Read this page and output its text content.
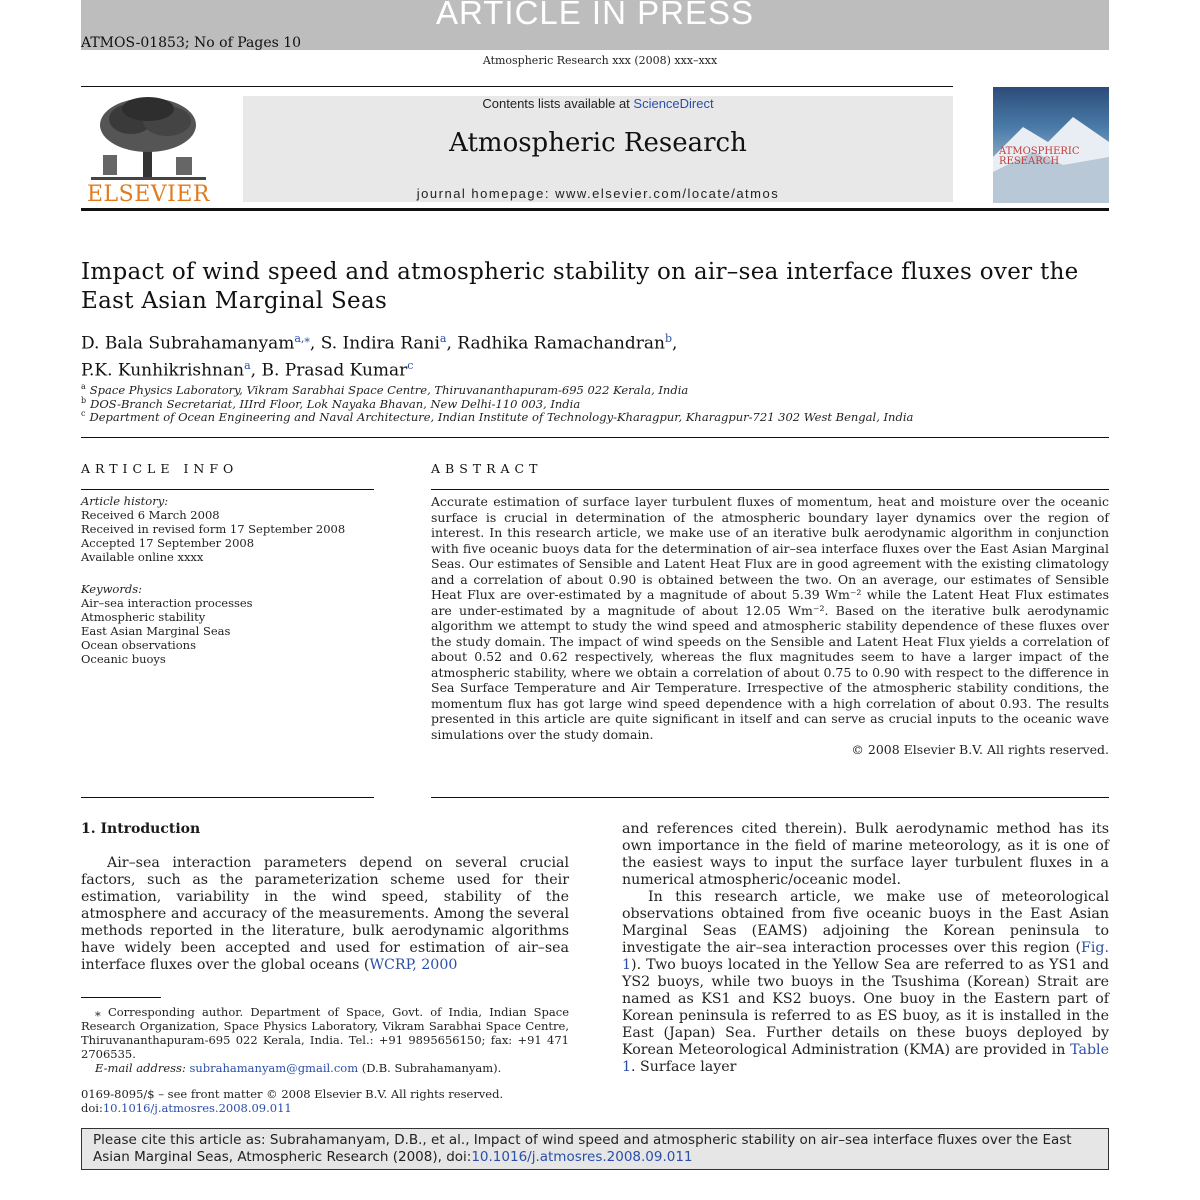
ARTICLE IN PRESS
ATMOS-01853; No of Pages 10
Atmospheric Research xxx (2008) xxx–xxx
ELSEVIER
Contents lists available at ScienceDirect
Atmospheric Research
journal homepage: www.elsevier.com/locate/atmos
ATMOSPHERIC RESEARCH
Impact of wind speed and atmospheric stability on air–sea interface fluxes over the East Asian Marginal Seas
D. Bala Subrahamanyam$^{a,⁎}$, S. Indira Rani$^a$, Radhika Ramachandran$^b$,
P.K. Kunhikrishnan$^a$, B. Prasad Kumar$^c$
$^a$ Space Physics Laboratory, Vikram Sarabhai Space Centre, Thiruvananthapuram-695 022 Kerala, India
$^b$ DOS-Branch Secretariat, IIIrd Floor, Lok Nayaka Bhavan, New Delhi-110 003, India
$^c$ Department of Ocean Engineering and Naval Architecture, Indian Institute of Technology-Kharagpur, Kharagpur-721 302 West Bengal, India
ARTICLE INFO
Article history:
Received 6 March 2008
Received in revised form 17 September 2008
Accepted 17 September 2008
Available online xxxx
Keywords:
Air–sea interaction processes
Atmospheric stability
East Asian Marginal Seas
Ocean observations
Oceanic buoys
ABSTRACT

Accurate estimation of surface layer turbulent fluxes of momentum, heat and moisture over the oceanic surface is crucial in determination of the atmospheric boundary layer dynamics over the region of interest. In this research article, we make use of an iterative bulk aerodynamic algorithm in conjunction with five oceanic buoys data for the determination of air–sea interface fluxes over the East Asian Marginal Seas. Our estimates of Sensible and Latent Heat Flux are in good agreement with the existing climatology and a correlation of about 0.90 is obtained between the two. On an average, our estimates of Sensible Heat Flux are over-estimated by a magnitude of about 5.39 Wm⁻² while the Latent Heat Flux estimates are under-estimated by a magnitude of about 12.05 Wm⁻². Based on the iterative bulk aerodynamic algorithm we attempt to study the wind speed and atmospheric stability dependence of these fluxes over the study domain. The impact of wind speeds on the Sensible and Latent Heat Flux yields a correlation of about 0.52 and 0.62 respectively, whereas the flux magnitudes seem to have a larger impact of the atmospheric stability, where we obtain a correlation of about 0.75 to 0.90 with respect to the difference in Sea Surface Temperature and Air Temperature. Irrespective of the atmospheric stability conditions, the momentum flux has got large wind speed dependence with a high correlation of about 0.93. The results presented in this article are quite significant in itself and can serve as crucial inputs to the oceanic wave simulations over the study domain.

© 2008 Elsevier B.V. All rights reserved.

1. Introduction
Air–sea interaction parameters depend on several crucial factors, such as the parameterization scheme used for their estimation, variability in the wind speed, stability of the atmosphere and accuracy of the measurements. Among the several methods reported in the literature, bulk aerodynamic algorithms have widely been accepted and used for estimation of air–sea interface fluxes over the global oceans (WCRP, 2000
⁎ Corresponding author. Department of Space, Govt. of India, Indian Space Research Organization, Space Physics Laboratory, Vikram Sarabhai Space Centre, Thiruvananthapuram-695 022 Kerala, India. Tel.: +91 9895656150; fax: +91 471 2706535.
E-mail address: subrahamanyam@gmail.com (D.B. Subrahamanyam).
0169-8095/$ – see front matter © 2008 Elsevier B.V. All rights reserved.
doi:10.1016/j.atmosres.2008.09.011

and references cited therein). Bulk aerodynamic method has its own importance in the field of marine meteorology, as it is one of the easiest ways to input the surface layer turbulent fluxes in a numerical atmospheric/oceanic model.

In this research article, we make use of meteorological observations obtained from five oceanic buoys in the East Asian Marginal Seas (EAMS) adjoining the Korean peninsula to investigate the air–sea interaction processes over this region (Fig. 1). Two buoys located in the Yellow Sea are referred to as YS1 and YS2 buoys, while two buoys in the Tsushima (Korean) Strait are named as KS1 and KS2 buoys. One buoy in the Eastern part of Korean peninsula is referred to as ES buoy, as it is installed in the East (Japan) Sea. Further details on these buoys deployed by Korean Meteorological Administration (KMA) are provided in Table 1. Surface layer

Please cite this article as: Subrahamanyam, D.B., et al., Impact of wind speed and atmospheric stability on air–sea interface fluxes over the East Asian Marginal Seas, Atmospheric Research (2008), doi:10.1016/j.atmosres.2008.09.011
